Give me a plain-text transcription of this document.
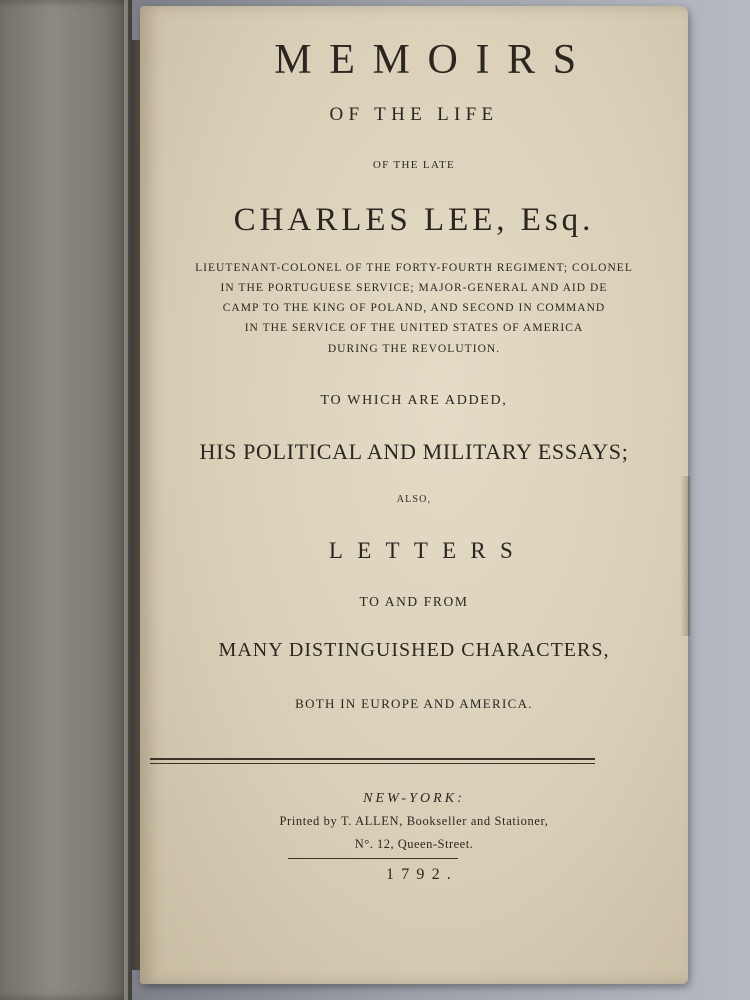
MEMOIRS
OF THE LIFE
OF THE LATE
CHARLES LEE, Esq.
LIEUTENANT-COLONEL OF THE FORTY-FOURTH REGIMENT; COLONEL
IN THE PORTUGUESE SERVICE; MAJOR-GENERAL AND AID DE
CAMP TO THE KING OF POLAND, AND SECOND IN COMMAND
IN THE SERVICE OF THE UNITED STATES OF AMERICA
DURING THE REVOLUTION.
TO WHICH ARE ADDED,
HIS POLITICAL AND MILITARY ESSAYS;
ALSO,
LETTERS
TO AND FROM
MANY DISTINGUISHED CHARACTERS,
BOTH IN EUROPE AND AMERICA.
NEW-YORK:
Printed by T. ALLEN, Bookseller and Stationer,
N°. 12, Queen-Street.
1792.
